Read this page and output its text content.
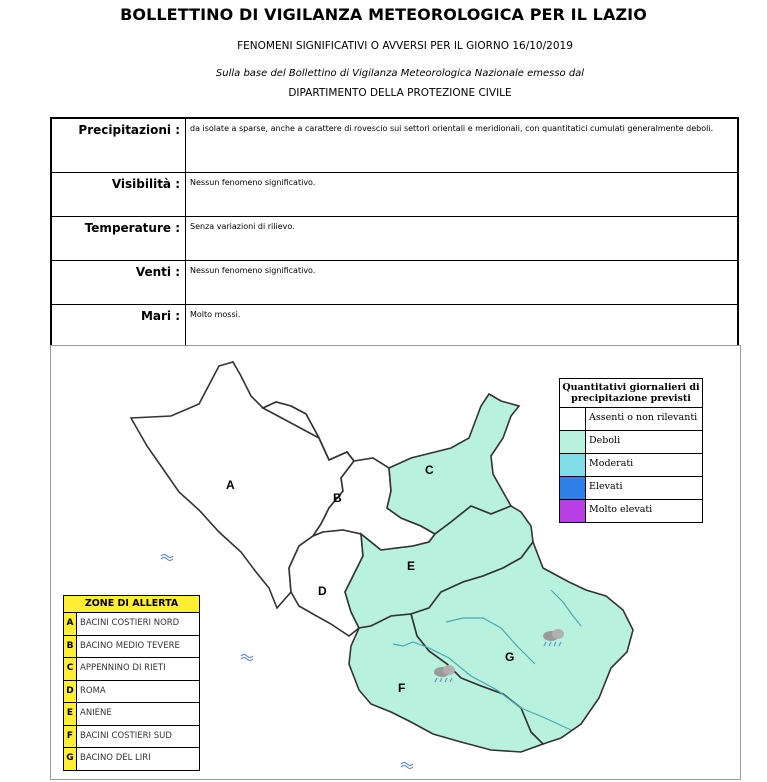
BOLLETTINO DI VIGILANZA METEOROLOGICA PER IL LAZIO
FENOMENI SIGNIFICATIVI O AVVERSI PER IL GIORNO 16/10/2019
Sulla base del Bollettino di Vigilanza Meteorologica Nazionale emesso dal
DIPARTIMENTO DELLA PROTEZIONE CIVILE
Precipitazioni :	da isolate a sparse, anche a carattere di rovescio sui settori orientali e meridionali, con quantitatici cumulati generalmente deboli.
Visibilità :	Nessun fenomeno significativo.
Temperature :	Senza variazioni di rilievo.
Venti :	Nessun fenomeno significativo.
Mari :	Molto mossi.
A
B
C
D
E
F
G
Quantitativi giornalieri di precipitazione previsti
Assenti o non rilevanti
Deboli
Moderati
Elevati
Molto elevati
ZONE DI ALLERTA
A BACINI COSTIERI NORD
B BACINO MEDIO TEVERE
C APPENNINO DI RIETI
D ROMA
E ANIENE
F BACINI COSTIERI SUD
G BACINO DEL LIRI
